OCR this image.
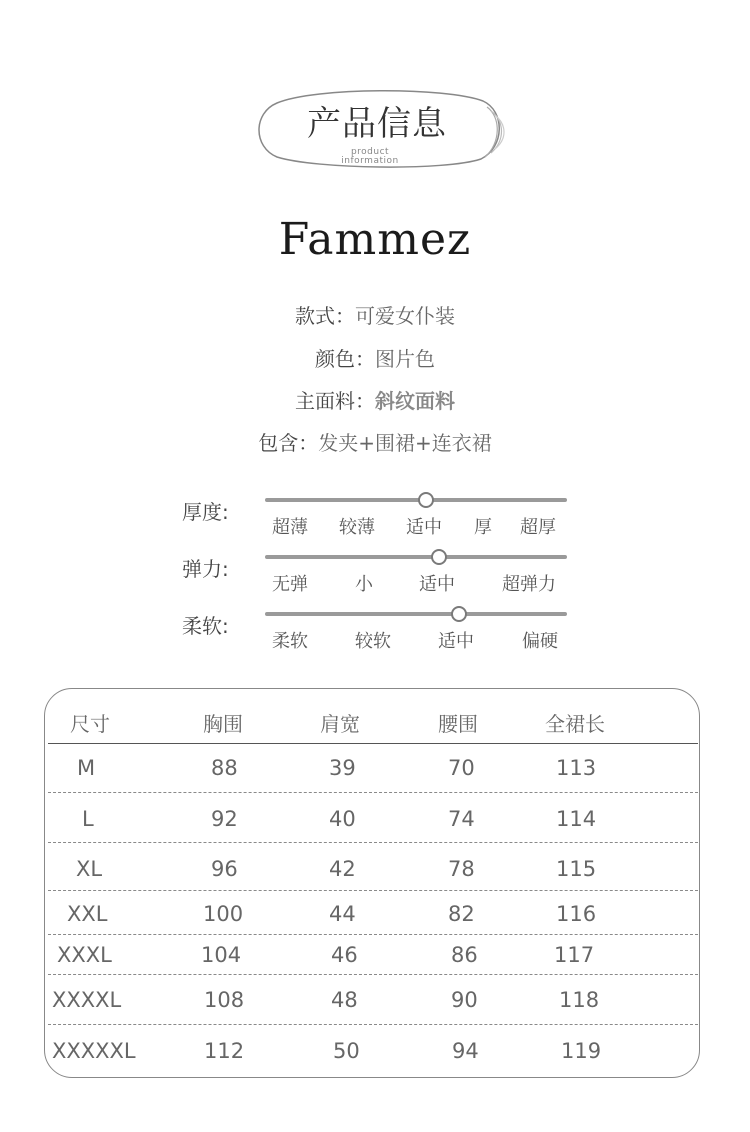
产品信息
product
information
Fammez
款式：可爱女仆装
颜色：图片色
主面料：斜纹面料
包含：发夹+围裙+连衣裙
厚度:
超薄 较薄 适中 厚 超厚
弹力:
无弹	小	适中	超弹力
柔软:
柔软	较软	适中	偏硬
尺寸	胸围	肩宽	腰围	全裙长
M	88	39	70	113
L	92	40	74	114
XL	96	42	78	115
XXL	100	44	82	116
XXXL	104	46	86	117
XXXXL	108	48	90	118
XXXXXL	112	50	94	119
